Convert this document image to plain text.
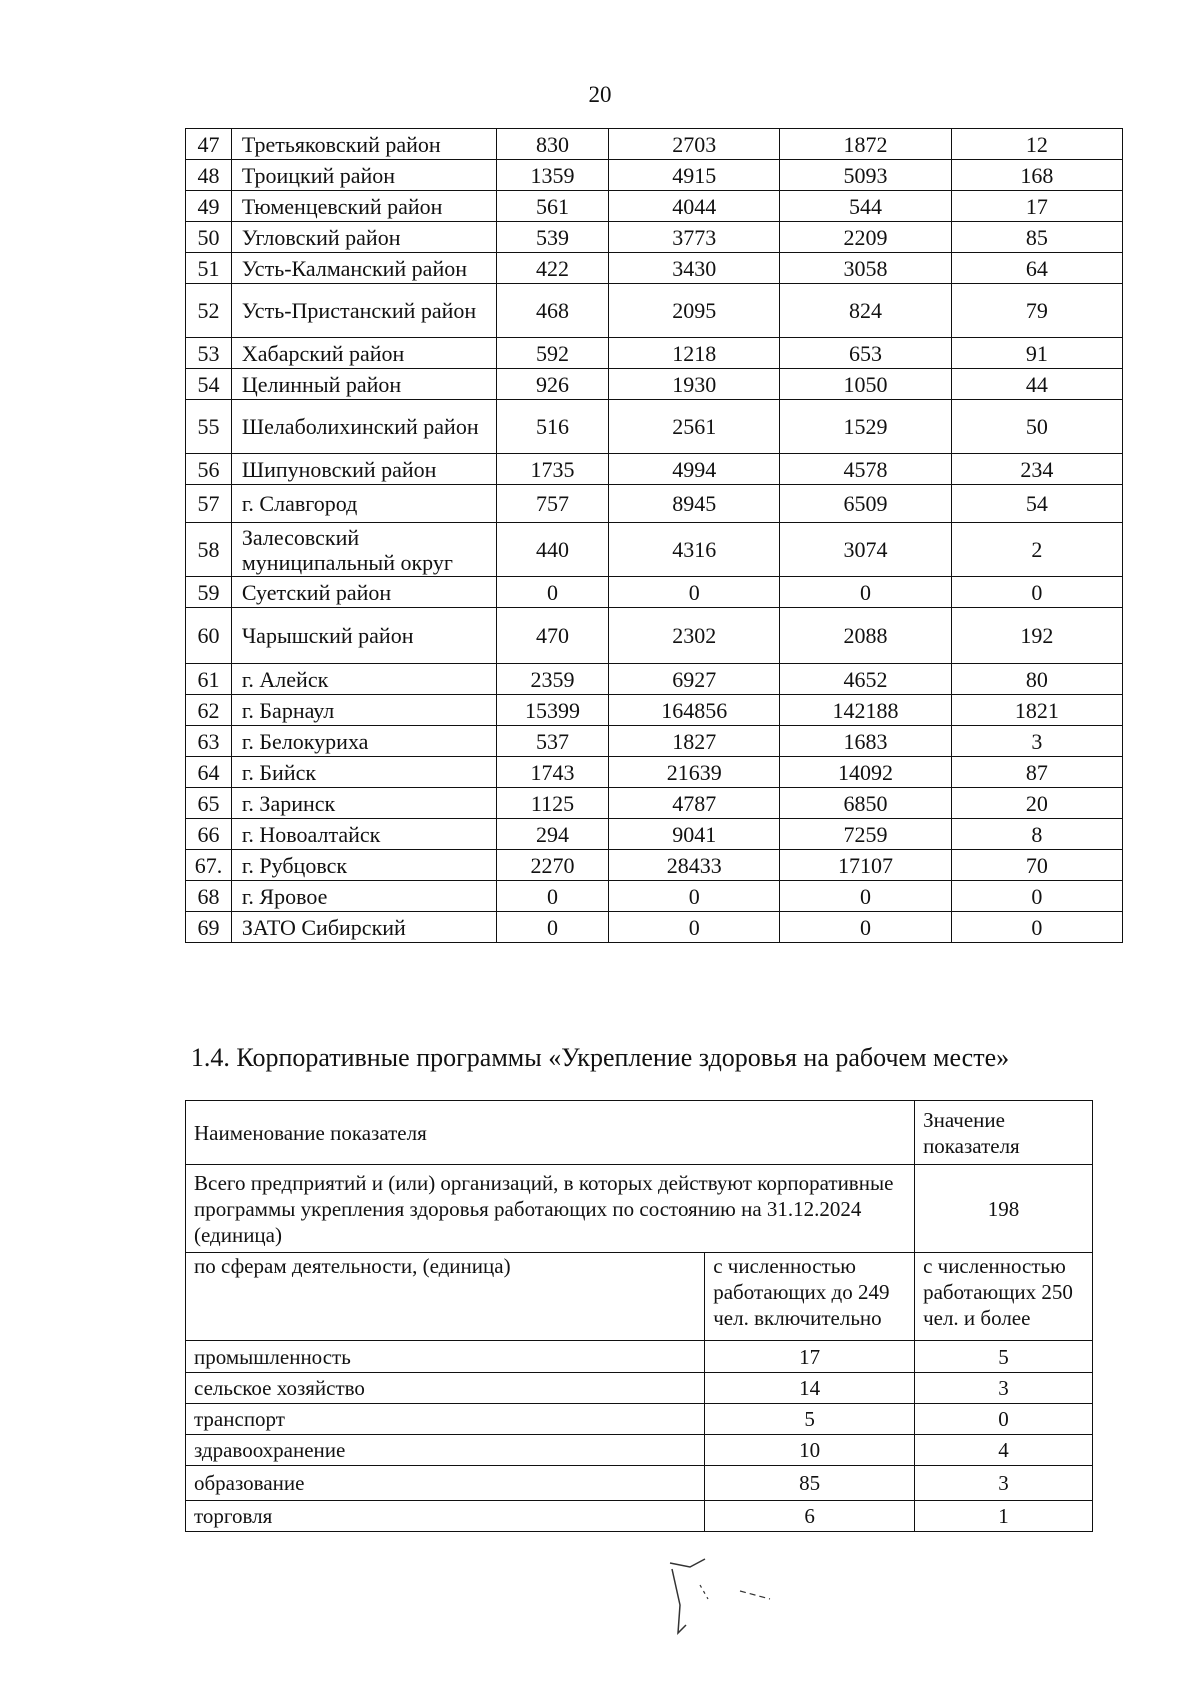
20
47	Третьяковский район	830	2703	1872	12
48	Троицкий район	1359	4915	5093	168
49	Тюменцевский район	561	4044	544	17
50	Угловский район	539	3773	2209	85
51	Усть-Калманский район	422	3430	3058	64
52	Усть-Пристанский район	468	2095	824	79
53	Хабарский район	592	1218	653	91
54	Целинный район	926	1930	1050	44
55	Шелаболихинский район	516	2561	1529	50
56	Шипуновский район	1735	4994	4578	234
57	г. Славгород	757	8945	6509	54
58	Залесовский муниципальный округ	440	4316	3074	2
59	Суетский район	0	0	0	0
60	Чарышский район	470	2302	2088	192
61	г. Алейск	2359	6927	4652	80
62	г. Барнаул	15399	164856	142188	1821
63	г. Белокуриха	537	1827	1683	3
64	г. Бийск	1743	21639	14092	87
65	г. Заринск	1125	4787	6850	20
66	г. Новоалтайск	294	9041	7259	8
67.	г. Рубцовск	2270	28433	17107	70
68	г. Яровое	0	0	0	0
69	ЗАТО Сибирский	0	0	0	0
1.4. Корпоративные программы «Укрепление здоровья на рабочем месте»
Наименование показателя		Значение показателя
Всего предприятий и (или) организаций, в которых действуют корпоративные программы укрепления здоровья работающих по состоянию на 31.12.2024 (единица)		198
по сферам деятельности, (единица)	с численностью работающих до 249 чел. включительно	с численностью работающих 250 чел. и более
промышленность	17	5
сельское хозяйство	14	3
транспорт	5	0
здравоохранение	10	4
образование	85	3
торговля	6	1
